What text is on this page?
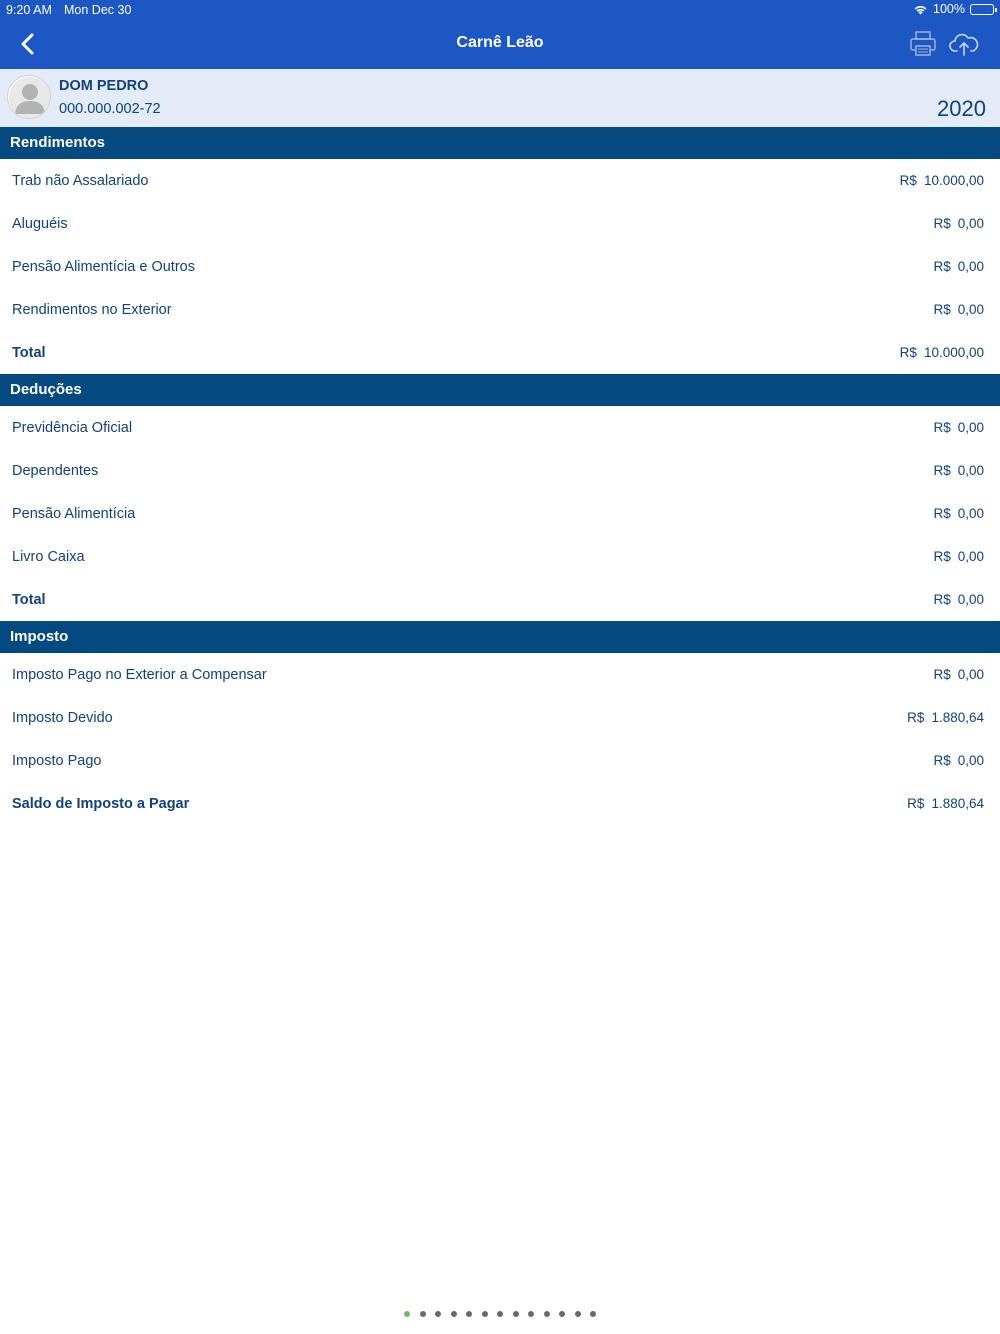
9:20 AM Mon Dec 30	100%
Carnê Leão
DOM PEDRO
000.000.002-72	2020
Rendimentos
Trab não Assalariado	R$ 10.000,00
Aluguéis	R$ 0,00
Pensão Alimentícia e Outros	R$ 0,00
Rendimentos no Exterior	R$ 0,00
Total	R$ 10.000,00
Deduções
Previdência Oficial	R$ 0,00
Dependentes	R$ 0,00
Pensão Alimentícia	R$ 0,00
Livro Caixa	R$ 0,00
Total	R$ 0,00
Imposto
Imposto Pago no Exterior a Compensar	R$ 0,00
Imposto Devido	R$ 1.880,64
Imposto Pago	R$ 0,00
Saldo de Imposto a Pagar	R$ 1.880,64
